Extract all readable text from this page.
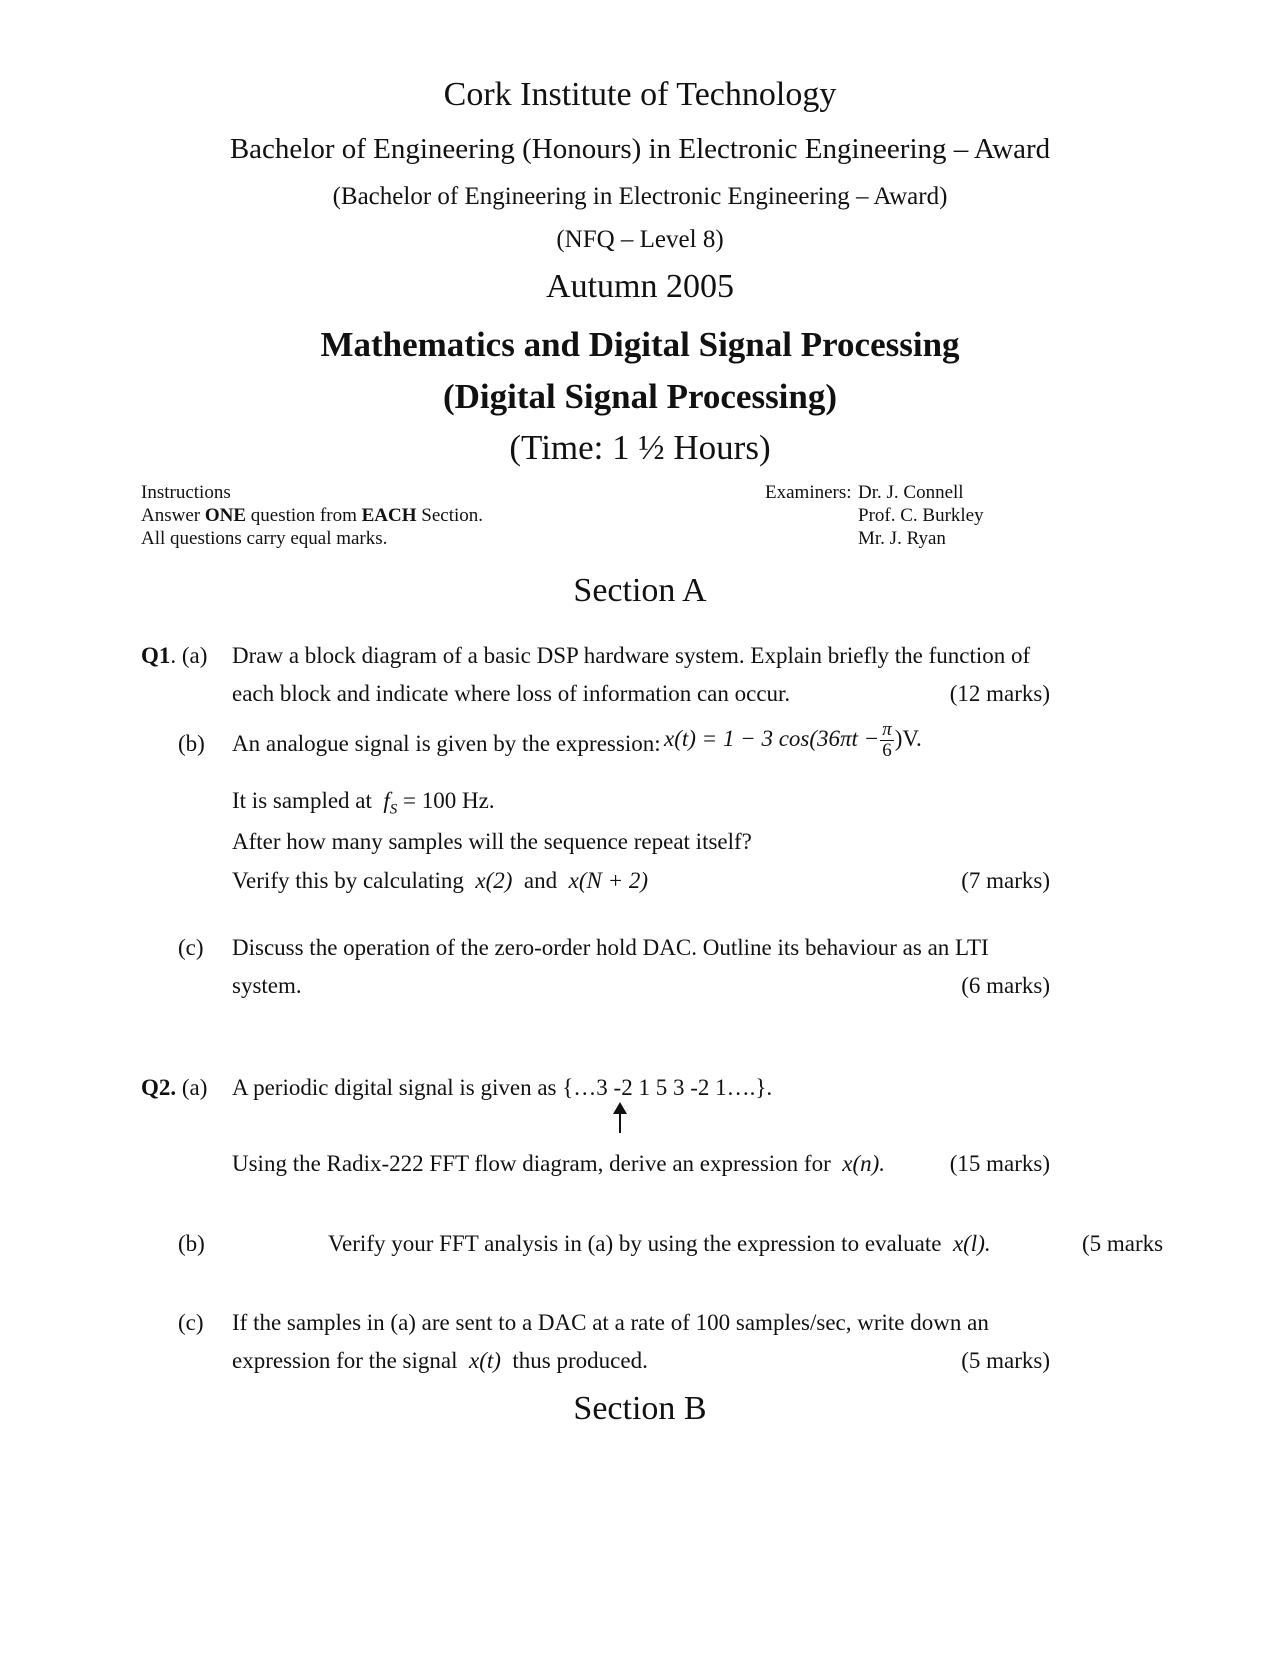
Cork Institute of Technology
Bachelor of Engineering (Honours) in Electronic Engineering – Award
(Bachelor of Engineering in Electronic Engineering – Award)
(NFQ – Level 8)
Autumn 2005
Mathematics and Digital Signal Processing
(Digital Signal Processing)
(Time: 1 ½ Hours)
Instructions
Answer ONE question from EACH Section.
All questions carry equal marks.
Examiners: Dr. J. Connell
Prof. C. Burkley
Mr. J. Ryan
Section A
Q1. (a) Draw a block diagram of a basic DSP hardware system. Explain briefly the function of
each block and indicate where loss of information can occur.	(12 marks)
(b) An analogue signal is given by the expression: x(t) = 1 − 3 $\cos(36\pi t - \frac{\pi}{6} )V$.
It is sampled at $f_S = 100$ Hz.
After how many samples will the sequence repeat itself?
Verify this by calculating x(2) and x(N + 2)	(7 marks)
(c) Discuss the operation of the zero-order hold DAC. Outline its behaviour as an LTI
system.	(6 marks)
Q2. (a) A periodic digital signal is given as {…3 -2 1 5 3 -2 1….}.
Using the Radix-222 FFT flow diagram, derive an expression for x(n).	(15 marks)
(b)	Verify your FFT analysis in (a) by using the expression to evaluate x(l).	(5 marks
(c) If the samples in (a) are sent to a DAC at a rate of 100 samples/sec, write down an
expression for the signal x(t) thus produced.	(5 marks)
Section B
